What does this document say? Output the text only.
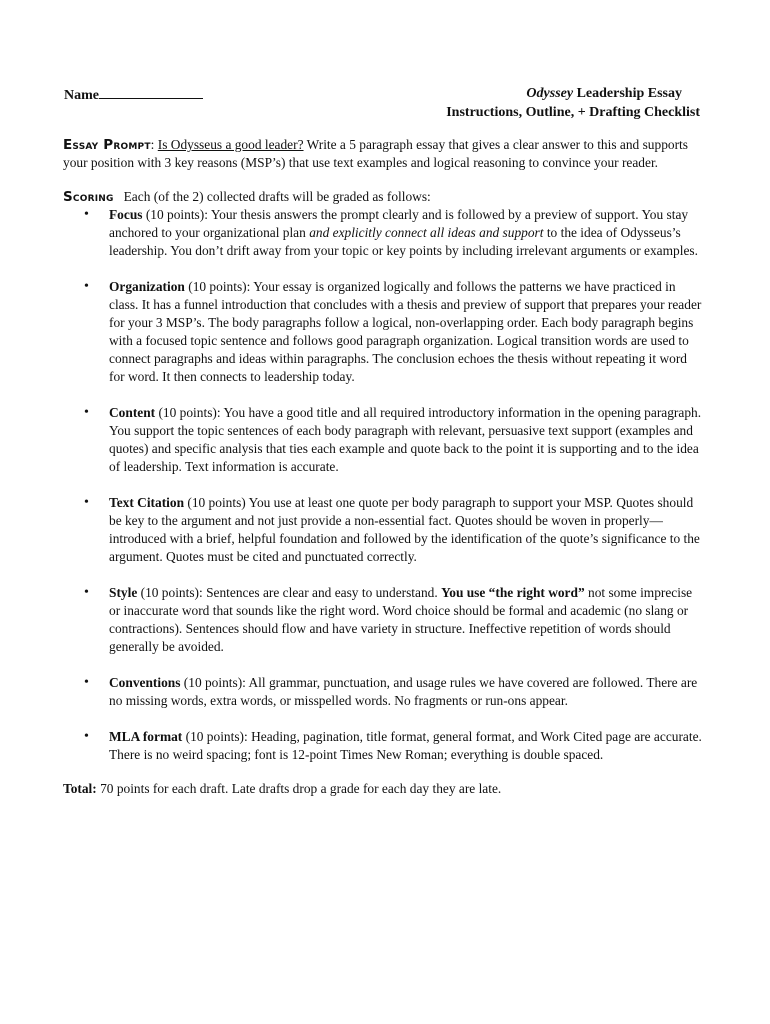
Name	Odyssey Leadership Essay
Instructions, Outline, + Drafting Checklist

Essay Prompt: Is Odysseus a good leader? Write a 5 paragraph essay that gives a clear answer to this and supports your position with 3 key reasons (MSP’s) that use text examples and logical reasoning to convince your reader.

Scoring Each (of the 2) collected drafts will be graded as follows:

• Focus (10 points): Your thesis answers the prompt clearly and is followed by a preview of support. You stay anchored to your organizational plan and explicitly connect all ideas and support to the idea of Odysseus’s leadership. You don’t drift away from your topic or key points by including irrelevant arguments or examples.
• Organization (10 points): Your essay is organized logically and follows the patterns we have practiced in class. It has a funnel introduction that concludes with a thesis and preview of support that prepares your reader for your 3 MSP’s. The body paragraphs follow a logical, non-overlapping order. Each body paragraph begins with a focused topic sentence and follows good paragraph organization. Logical transition words are used to connect paragraphs and ideas within paragraphs. The conclusion echoes the thesis without repeating it word for word. It then connects to leadership today.
• Content (10 points): You have a good title and all required introductory information in the opening paragraph. You support the topic sentences of each body paragraph with relevant, persuasive text support (examples and quotes) and specific analysis that ties each example and quote back to the point it is supporting and to the idea of leadership. Text information is accurate.
• Text Citation (10 points) You use at least one quote per body paragraph to support your MSP. Quotes should be key to the argument and not just provide a non-essential fact. Quotes should be woven in properly—introduced with a brief, helpful foundation and followed by the identification of the quote’s significance to the argument. Quotes must be cited and punctuated correctly.
• Style (10 points): Sentences are clear and easy to understand. You use “the right word” not some imprecise or inaccurate word that sounds like the right word. Word choice should be formal and academic (no slang or contractions). Sentences should flow and have variety in structure. Ineffective repetition of words should generally be avoided.
• Conventions (10 points): All grammar, punctuation, and usage rules we have covered are followed. There are no missing words, extra words, or misspelled words. No fragments or run-ons appear.
• MLA format (10 points): Heading, pagination, title format, general format, and Work Cited page are accurate. There is no weird spacing; font is 12-point Times New Roman; everything is double spaced.

Total: 70 points for each draft. Late drafts drop a grade for each day they are late.
